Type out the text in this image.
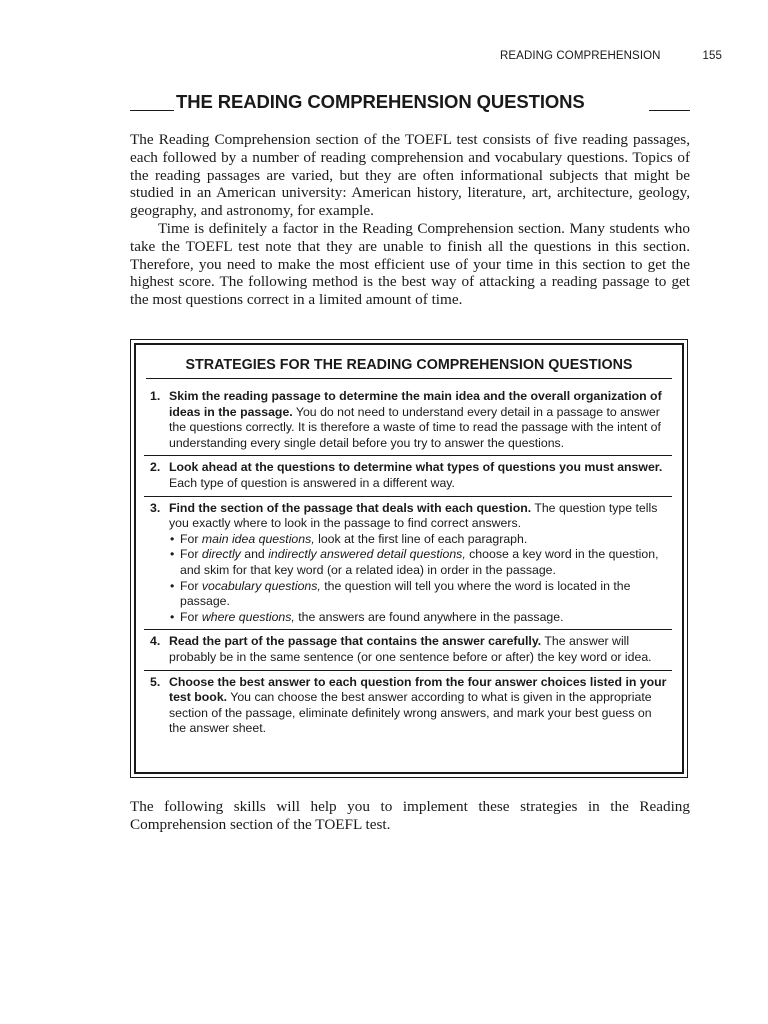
READING COMPREHENSION	155
THE READING COMPREHENSION QUESTIONS

The Reading Comprehension section of the TOEFL test consists of five reading passages, each followed by a number of reading comprehension and vocabulary questions. Topics of the reading passages are varied, but they are often informational subjects that might be studied in an American university: American history, literature, art, architecture, geology, geography, and astronomy, for example.

Time is definitely a factor in the Reading Comprehension section. Many students who take the TOEFL test note that they are unable to finish all the questions in this section. Therefore, you need to make the most efficient use of your time in this section to get the highest score. The following method is the best way of attacking a reading passage to get the most questions correct in a limited amount of time.

STRATEGIES FOR THE READING COMPREHENSION QUESTIONS
1. Skim the reading passage to determine the main idea and the overall organization of ideas in the passage. You do not need to understand every detail in a passage to answer the questions correctly. It is therefore a waste of time to read the passage with the intent of understanding every single detail before you try to answer the questions.
2. Look ahead at the questions to determine what types of questions you must answer. Each type of question is answered in a different way.
3. Find the section of the passage that deals with each question. The question type tells you exactly where to look in the passage to find correct answers.
• For main idea questions, look at the first line of each paragraph.
• For directly and indirectly answered detail questions, choose a key word in the question, and skim for that key word (or a related idea) in order in the passage.
• For vocabulary questions, the question will tell you where the word is located in the passage.
• For where questions, the answers are found anywhere in the passage.
4. Read the part of the passage that contains the answer carefully. The answer will probably be in the same sentence (or one sentence before or after) the key word or idea.
5. Choose the best answer to each question from the four answer choices listed in your test book. You can choose the best answer according to what is given in the appropriate section of the passage, eliminate definitely wrong answers, and mark your best guess on the answer sheet.
The following skills will help you to implement these strategies in the Reading Comprehension section of the TOEFL test.
